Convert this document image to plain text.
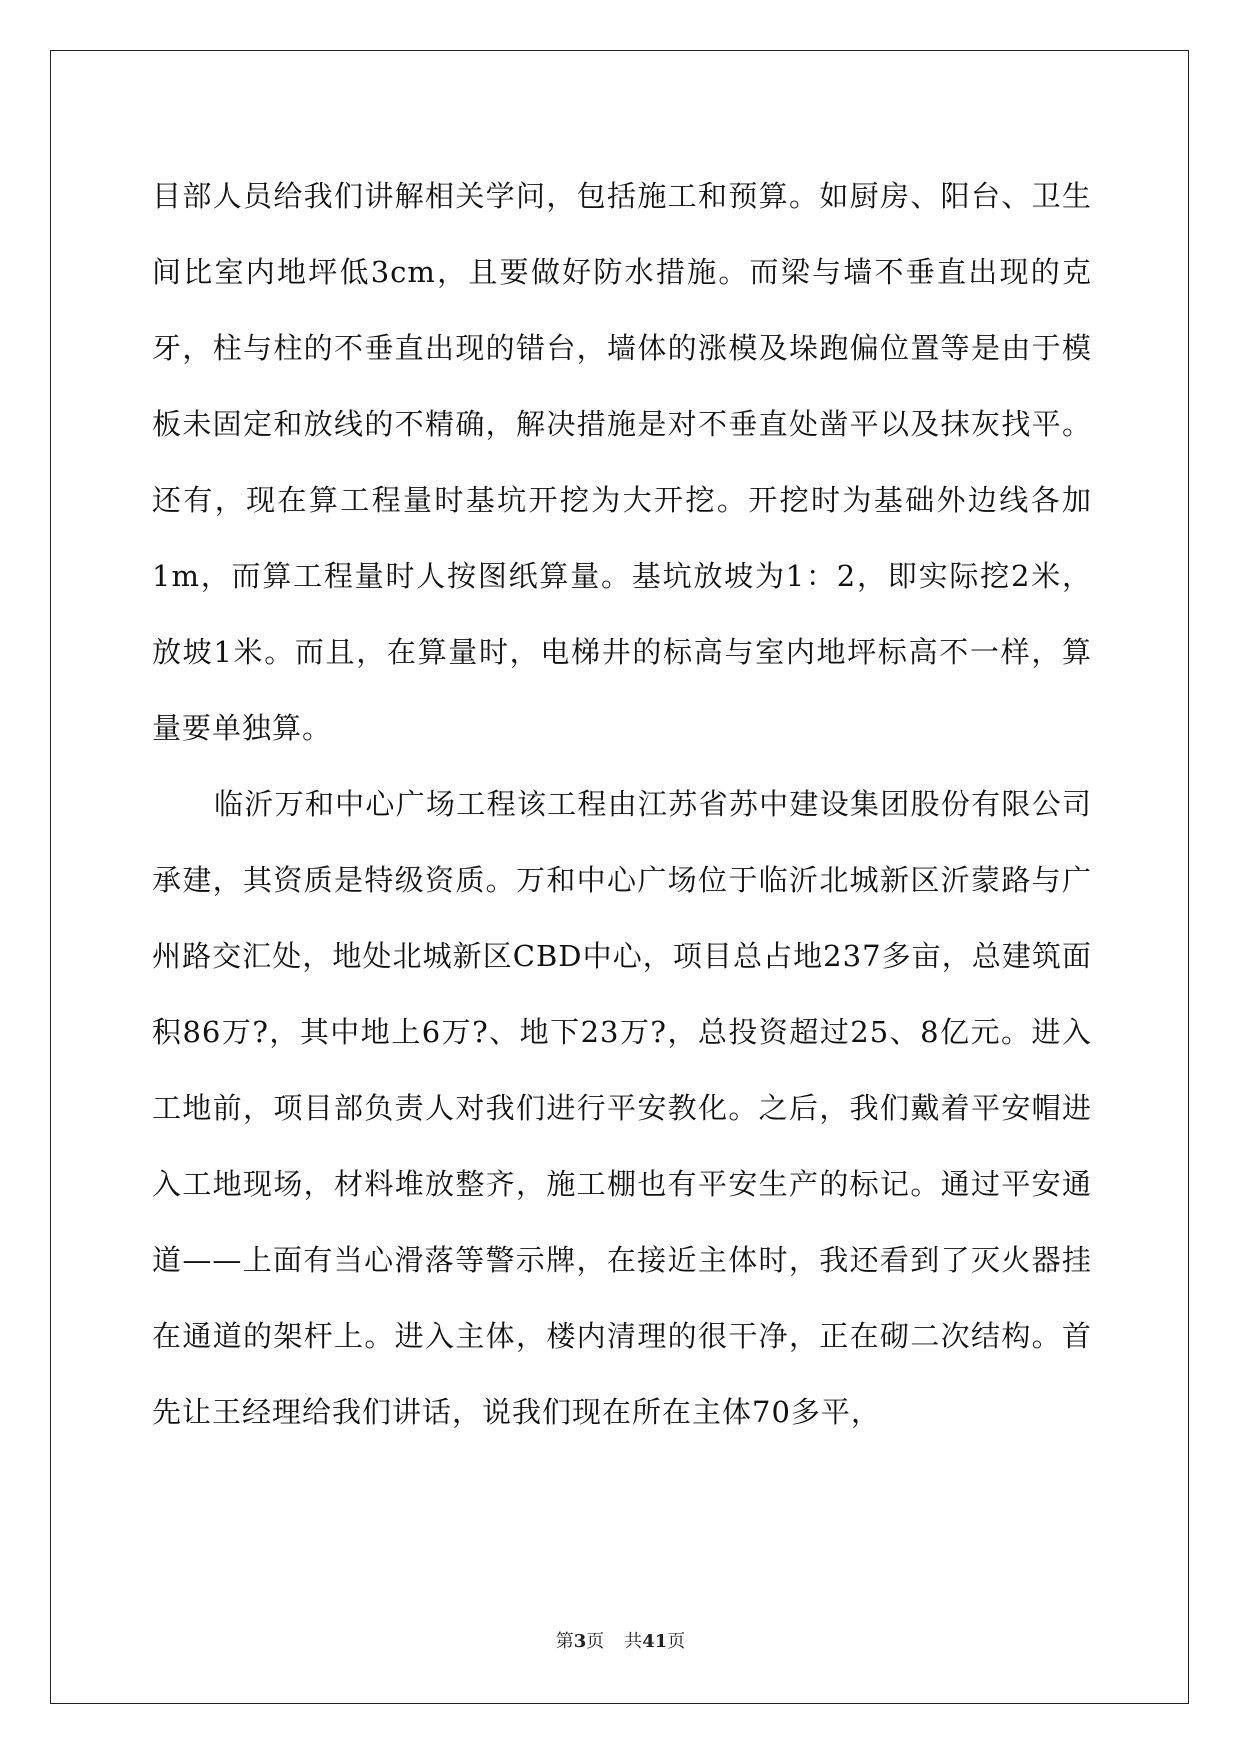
目部人员给我们讲解相关学问，包括施工和预算。如厨房、阳台、卫生间比室内地坪低3cm，且要做好防水措施。而梁与墙不垂直出现的克牙，柱与柱的不垂直出现的错台，墙体的涨模及垛跑偏位置等是由于模板未固定和放线的不精确，解决措施是对不垂直处凿平以及抹灰找平。还有，现在算工程量时基坑开挖为大开挖。开挖时为基础外边线各加1m，而算工程量时人按图纸算量。基坑放坡为1：2，即实际挖2米，放坡1米。而且，在算量时，电梯井的标高与室内地坪标高不一样，算量要单独算。

临沂万和中心广场工程该工程由江苏省苏中建设集团股份有限公司承建，其资质是特级资质。万和中心广场位于临沂北城新区沂蒙路与广州路交汇处，地处北城新区CBD中心，项目总占地237多亩，总建筑面积86万?，其中地上6万?、地下23万?，总投资超过25、8亿元。进入工地前，项目部负责人对我们进行平安教化。之后，我们戴着平安帽进入工地现场，材料堆放整齐，施工棚也有平安生产的标记。通过平安通道——上面有当心滑落等警示牌，在接近主体时，我还看到了灭火器挂在通道的架杆上。进入主体，楼内清理的很干净，正在砌二次结构。首先让王经理给我们讲话，说我们现在所在主体70多平，

第3页 共41页
